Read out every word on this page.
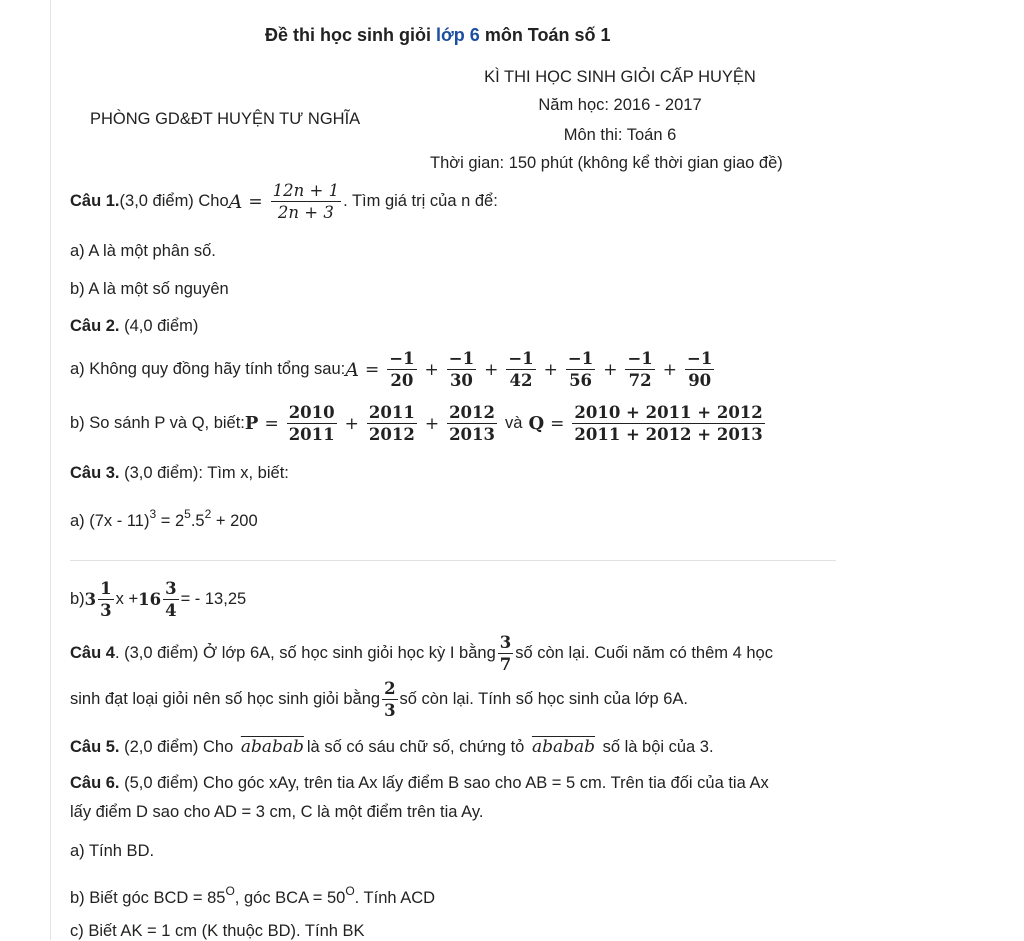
Đề thi học sinh giỏi lớp 6 môn Toán số 1
KÌ THI HỌC SINH GIỎI CẤP HUYỆN
PHÒNG GD&ĐT HUYỆN TƯ NGHĨA
Năm học: 2016 - 2017
Môn thi: Toán 6
Thời gian: 150 phút (không kể thời gian giao đề)
Câu 1. (3,0 điểm) Cho $A = \frac{12n + 1}{2n + 3}$ . Tìm giá trị của n để:
a) A là một phân số.
b) A là một số nguyên
Câu 2. (4,0 điểm)
a) Không quy đồng hãy tính tổng sau: $A = \frac{-1}{20} + \frac{-1}{30} + \frac{-1}{42} + \frac{-1}{56} + \frac{-1}{72} + \frac{-1}{90}$
b) So sánh P và Q, biết: $P = \frac{2010}{2011} + \frac{2011}{2012} + \frac{2012}{2013}$ và $Q = \frac{2010 + 2011 + 2012}{2011 + 2012 + 2013}$
Câu 3. (3,0 điểm): Tìm x, biết:
a) $(7x - 11)^3 = 2^5.5^2 + 200$
b) $3 \frac{1}{3}$ $x + 16 \frac{3}{4}$ = - 13,25
Câu 4 . (3,0 điểm) Ở lớp 6A, số học sinh giỏi học kỳ I bằng $\frac{3}{7}$ số còn lại. Cuối năm có thêm 4 học
sinh đạt loại giỏi nên số học sinh giỏi bằng $\frac{2}{3}$ số còn lại. Tính số học sinh của lớp 6A.
Câu 5. (2,0 điểm) Cho ababab là số có sáu chữ số, chứng tỏ ababab số là bội của 3.
Câu 6. (5,0 điểm) Cho góc xAy, trên tia Ax lấy điểm B sao cho AB = 5 cm. Trên tia đối của tia Ax
lấy điểm D sao cho AD = 3 cm, C là một điểm trên tia Ay.
a) Tính BD.
b) Biết góc BCD = $85^O$, góc BCA = $50^O$. Tính ACD
c) Biết AK = 1 cm (K thuộc BD). Tính BK
